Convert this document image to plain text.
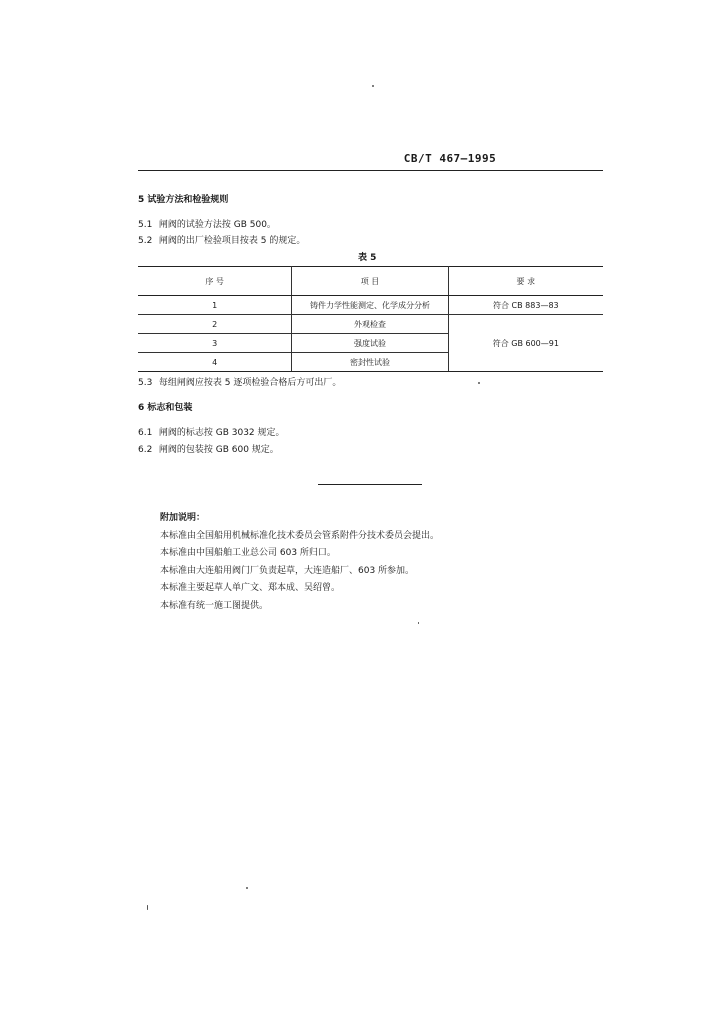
CB/T 467—1995
5 试验方法和检验规则
5.1 闸阀的试验方法按 GB 500。
5.2 闸阀的出厂检验项目按表 5 的规定。
表 5
序 号	项 目	要 求
1	铸件力学性能测定、化学成分分析	符合 CB 883—83
2	外观检查	符合 GB 600—91
3	强度试验	
4	密封性试验	
5.3 每组闸阀应按表 5 逐项检验合格后方可出厂。
6 标志和包装
6.1 闸阀的标志按 GB 3032 规定。
6.2 闸阀的包装按 GB 600 规定。
附加说明：
本标准由全国船用机械标准化技术委员会管系附件分技术委员会提出。
本标准由中国船舶工业总公司 603 所归口。
本标准由大连船用阀门厂负责起草，大连造船厂、603 所参加。
本标准主要起草人单广文、郑本成、吴绍曾。
本标准有统一施工图提供。
